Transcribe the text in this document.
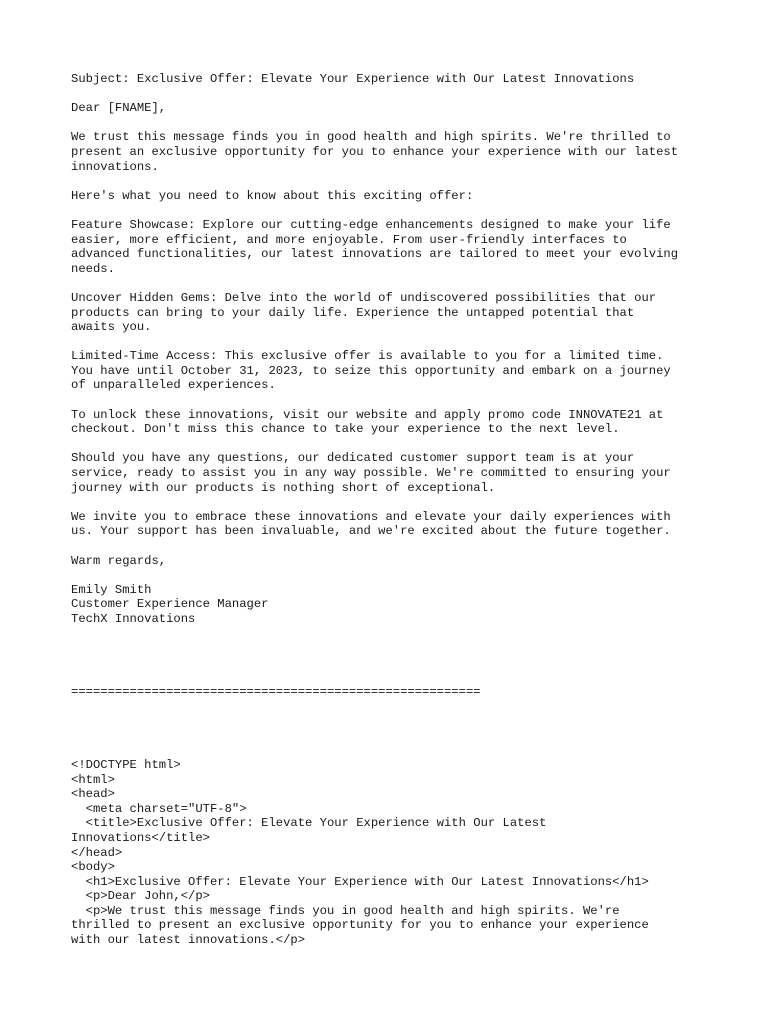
Subject: Exclusive Offer: Elevate Your Experience with Our Latest Innovations
Dear [FNAME],
We trust this message finds you in good health and high spirits. We're thrilled to
present an exclusive opportunity for you to enhance your experience with our latest
innovations.
Here's what you need to know about this exciting offer:
Feature Showcase: Explore our cutting-edge enhancements designed to make your life
easier, more efficient, and more enjoyable. From user-friendly interfaces to
advanced functionalities, our latest innovations are tailored to meet your evolving
needs.
Uncover Hidden Gems: Delve into the world of undiscovered possibilities that our
products can bring to your daily life. Experience the untapped potential that
awaits you.
Limited-Time Access: This exclusive offer is available to you for a limited time.
You have until October 31, 2023, to seize this opportunity and embark on a journey
of unparalleled experiences.
To unlock these innovations, visit our website and apply promo code INNOVATE21 at
checkout. Don't miss this chance to take your experience to the next level.
Should you have any questions, our dedicated customer support team is at your
service, ready to assist you in any way possible. We're committed to ensuring your
journey with our products is nothing short of exceptional.
We invite you to embrace these innovations and elevate your daily experiences with
us. Your support has been invaluable, and we're excited about the future together.
Warm regards,
Emily Smith
Customer Experience Manager
TechX Innovations
========================================================
<!DOCTYPE html>
<html>
<head>
<meta charset="UTF-8">
<title>Exclusive Offer: Elevate Your Experience with Our Latest
Innovations</title>
</head>
<body>
<h1>Exclusive Offer: Elevate Your Experience with Our Latest Innovations</h1>
<p>Dear John,</p>
<p>We trust this message finds you in good health and high spirits. We're
thrilled to present an exclusive opportunity for you to enhance your experience
with our latest innovations.</p>
